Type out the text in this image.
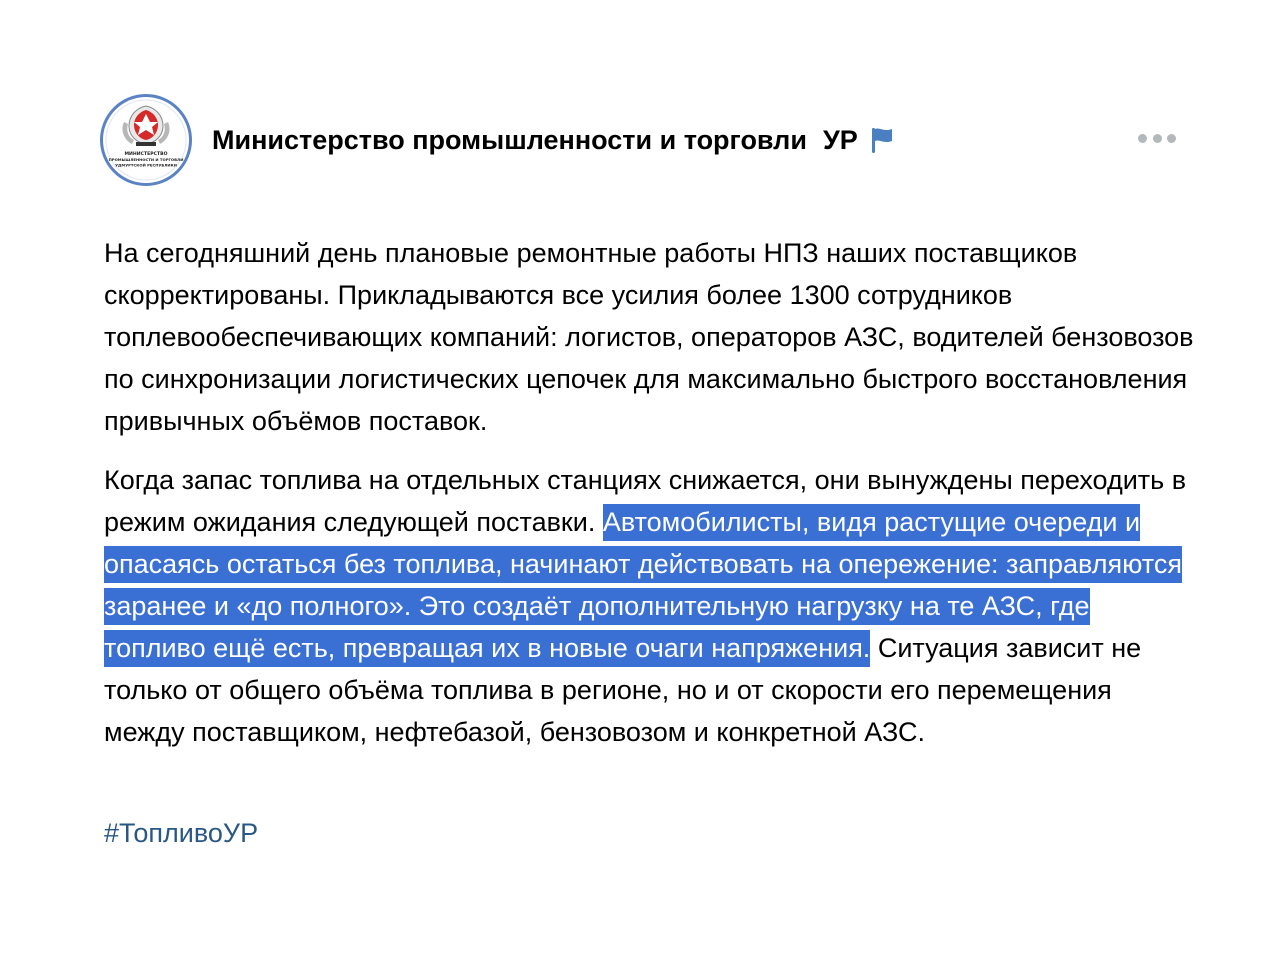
МИНИСТЕРСТВО
ПРОМЫШЛЕННОСТИ И ТОРГОВЛИ
УДМУРТСКОЙ РЕСПУБЛИКИ
Министерство промышленности и торговли УР

На сегодняшний день плановые ремонтные работы НПЗ наших поставщиков скорректированы. Прикладываются все усилия более 1300 сотрудников топлевообеспечивающих компаний: логистов, операторов АЗС, водителей бензовозов по синхронизации логистических цепочек для максимально быстрого восстановления привычных объёмов поставок.

Когда запас топлива на отдельных станциях снижается, они вынуждены переходить в режим ожидания следующей поставки. Автомобилисты, видя растущие очереди и опасаясь остаться без топлива, начинают действовать на опережение: заправляются заранее и «до полного». Это создаёт дополнительную нагрузку на те АЗС, где топливо ещё есть, превращая их в новые очаги напряжения. Ситуация зависит не только от общего объёма топлива в регионе, но и от скорости его перемещения между поставщиком, нефтебазой, бензовозом и конкретной АЗС.

#ТопливоУР
